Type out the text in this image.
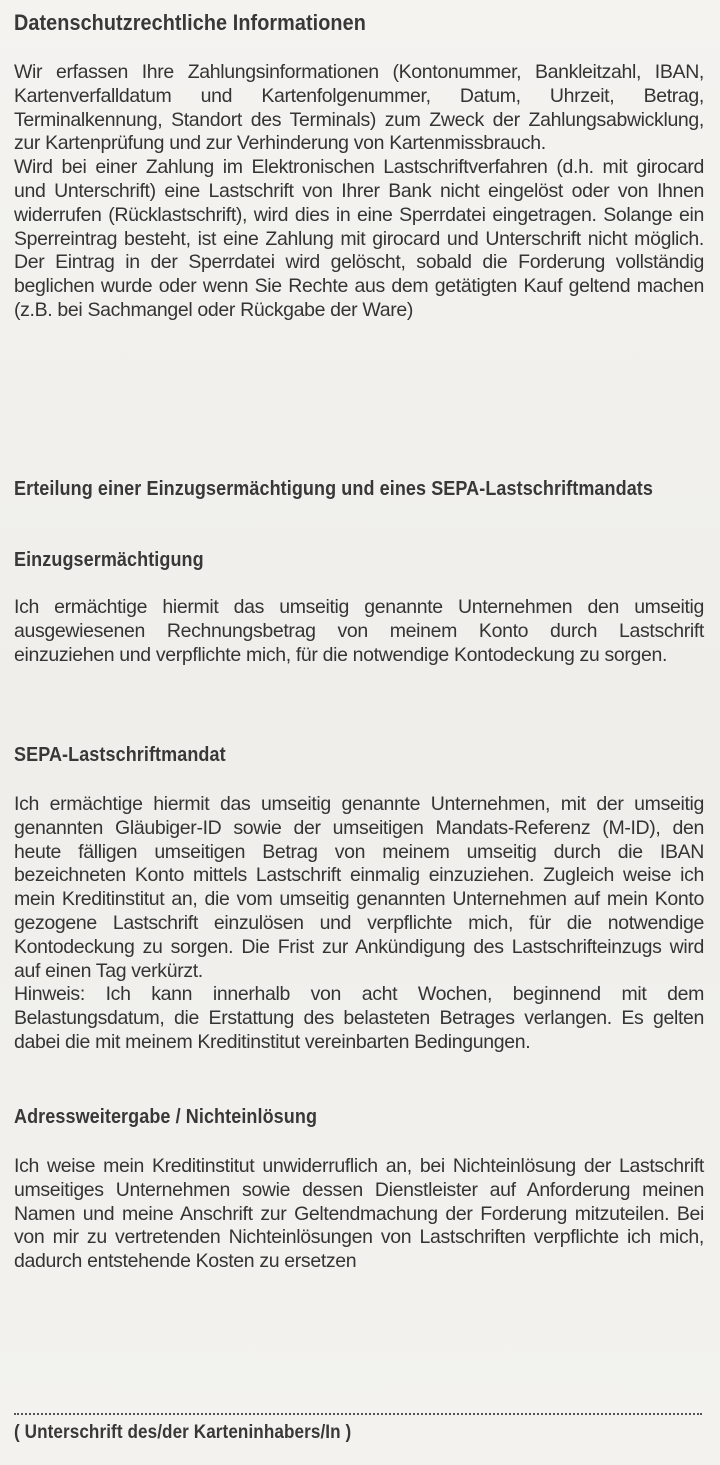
Datenschutzrechtliche Informationen
Wir erfassen Ihre Zahlungsinformationen (Kontonummer, Bankleitzahl, IBAN, Kartenverfalldatum und Kartenfolgenummer, Datum, Uhrzeit, Betrag, Terminalkennung, Standort des Terminals) zum Zweck der Zahlungsabwicklung, zur Kartenprüfung und zur Verhinderung von Kartenmissbrauch.
Wird bei einer Zahlung im Elektronischen Lastschriftverfahren (d.h. mit girocard und Unterschrift) eine Lastschrift von Ihrer Bank nicht eingelöst oder von Ihnen widerrufen (Rücklastschrift), wird dies in eine Sperrdatei eingetragen. Solange ein Sperreintrag besteht, ist eine Zahlung mit girocard und Unterschrift nicht möglich. Der Eintrag in der Sperrdatei wird gelöscht, sobald die Forderung vollständig beglichen wurde oder wenn Sie Rechte aus dem getätigten Kauf geltend machen (z.B. bei Sachmangel oder Rückgabe der Ware)
Erteilung einer Einzugsermächtigung und eines SEPA-Lastschriftmandats
Einzugsermächtigung
Ich ermächtige hiermit das umseitig genannte Unternehmen den umseitig ausgewiesenen Rechnungsbetrag von meinem Konto durch Lastschrift einzuziehen und verpflichte mich, für die notwendige Kontodeckung zu sorgen.
SEPA-Lastschriftmandat
Ich ermächtige hiermit das umseitig genannte Unternehmen, mit der umseitig genannten Gläubiger-ID sowie der umseitigen Mandats-Referenz (M-ID), den heute fälligen umseitigen Betrag von meinem umseitig durch die IBAN bezeichneten Konto mittels Lastschrift einmalig einzuziehen. Zugleich weise ich mein Kreditinstitut an, die vom umseitig genannten Unternehmen auf mein Konto gezogene Lastschrift einzulösen und verpflichte mich, für die notwendige Kontodeckung zu sorgen. Die Frist zur Ankündigung des Lastschrifteinzugs wird auf einen Tag verkürzt.
Hinweis: Ich kann innerhalb von acht Wochen, beginnend mit dem Belastungsdatum, die Erstattung des belasteten Betrages verlangen. Es gelten dabei die mit meinem Kreditinstitut vereinbarten Bedingungen.
Adressweitergabe / Nichteinlösung
Ich weise mein Kreditinstitut unwiderruflich an, bei Nichteinlösung der Lastschrift umseitiges Unternehmen sowie dessen Dienstleister auf Anforderung meinen Namen und meine Anschrift zur Geltendmachung der Forderung mitzuteilen. Bei von mir zu vertretenden Nichteinlösungen von Lastschriften verpflichte ich mich, dadurch entstehende Kosten zu ersetzen
( Unterschrift des/der Karteninhabers/In )
